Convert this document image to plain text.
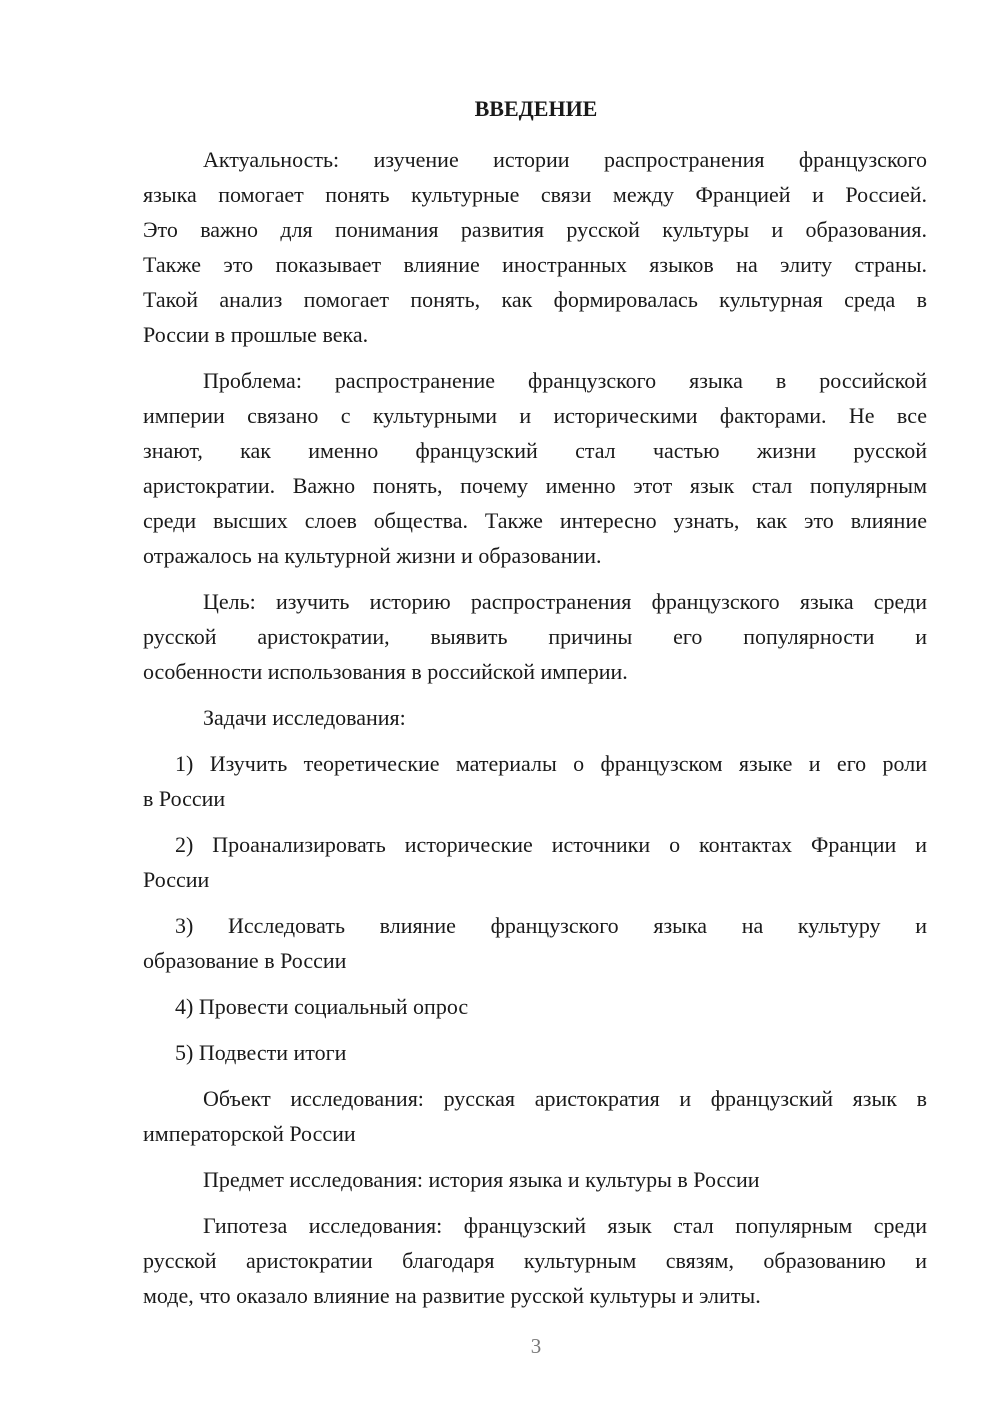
ВВЕДЕНИЕ
Актуальность: изучение истории распространения французского
языка помогает понять культурные связи между Францией и Россией.
Это важно для понимания развития русской культуры и образования.
Также это показывает влияние иностранных языков на элиту страны.
Такой анализ помогает понять, как формировалась культурная среда в
России в прошлые века.
Проблема: распространение французского языка в российской
империи связано с культурными и историческими факторами. Не все
знают, как именно французский стал частью жизни русской
аристократии. Важно понять, почему именно этот язык стал популярным
среди высших слоев общества. Также интересно узнать, как это влияние
отражалось на культурной жизни и образовании.
Цель: изучить историю распространения французского языка среди
русской аристократии, выявить причины его популярности и
особенности использования в российской империи.
Задачи исследования:
1) Изучить теоретические материалы о французском языке и его роли
в России
2) Проанализировать исторические источники о контактах Франции и
России
3) Исследовать влияние французского языка на культуру и
образование в России
4) Провести социальный опрос
5) Подвести итоги
Объект исследования: русская аристократия и французский язык в
императорской России
Предмет исследования: история языка и культуры в России
Гипотеза исследования: французский язык стал популярным среди
русской аристократии благодаря культурным связям, образованию и
моде, что оказало влияние на развитие русской культуры и элиты.
3
